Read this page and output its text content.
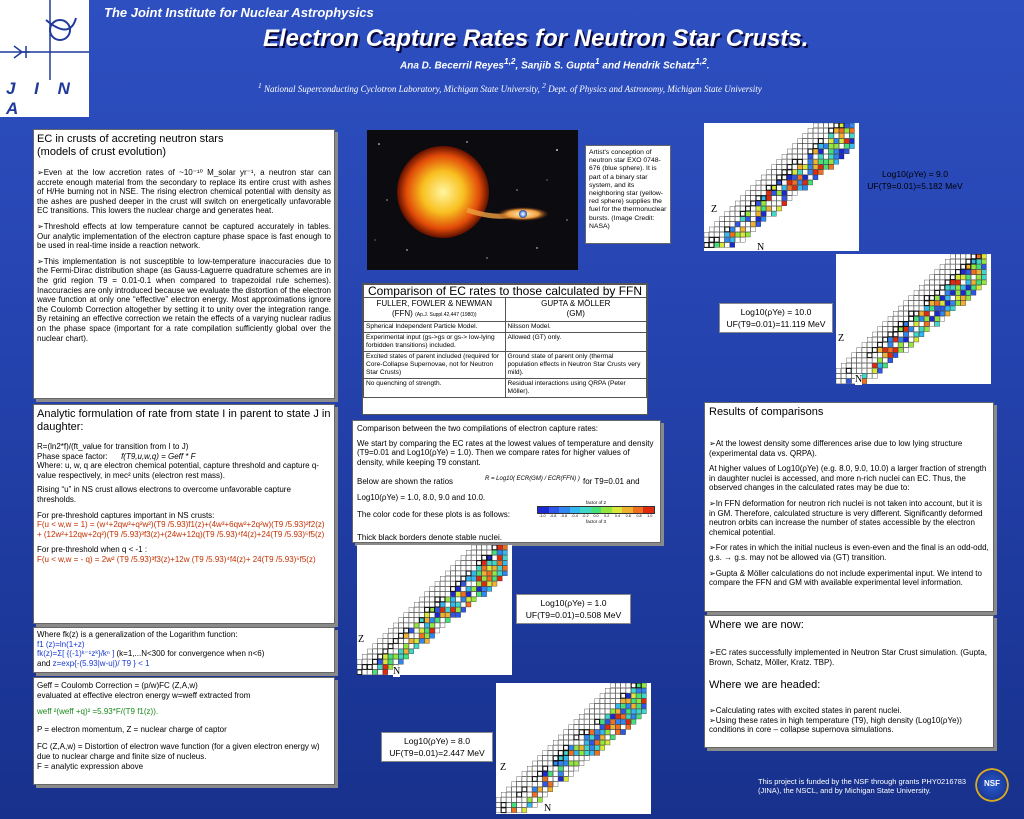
J I N A
The Joint Institute for Nuclear Astrophysics
Electron Capture Rates for Neutron Star Crusts.
Ana D. Becerril Reyes$^{1,2}$, Sanjib S. Gupta$^1$ and Hendrik Schatz$^{1,2}$.
$^1$ National Superconducting Cyclotron Laboratory, Michigan State University, $^2$ Dept. of Physics and Astronomy, Michigan State University
EC in crusts of accreting neutron stars
(models of crust evolution)

➢Even at the low accretion rates of ~10⁻¹⁰ M_solar yr⁻¹, a neutron star can accrete enough material from the secondary to replace its entire crust with ashes of H/He burning not in NSE. The rising electron chemical potential with density as the ashes are pushed deeper in the crust will switch on energetically unfavorable EC transitions. This lowers the nuclear charge and generates heat.

➢Threshold effects at low temperature cannot be captured accurately in tables. Our analytic implementation of the electron capture phase space is fast enough to be used in real-time inside a reaction network.

➢This implementation is not susceptible to low-temperature inaccuracies due to the Fermi-Dirac distribution shape (as Gauss-Laguerre quadrature schemes are in the grid region T9 = 0.01-0.1 when compared to trapezoidal rule schemes). Inaccuracies are only introduced because we evaluate the distortion of the electron wave function at only one “effective” electron energy. Most approximations ignore the Coulomb Correction altogether by setting it to unity over the integration range. By retaining an effective correction we retain the effects of a varying nuclear radius on the phase space (important for a rate compilation sufficiently global over the nuclear chart).

Analytic formulation of rate from state I in parent to state J in daughter:
R=(ln2*f)/(ft_value for transition from I to J)
Phase space factor: f(T9,u,w,q) = Geff * F
Where: u, w, q are electron chemical potential, capture threshold and capture q-value respectively, in mec² units (electron rest mass).
Rising “u” in NS crust allows electrons to overcome unfavorable capture thresholds.
For pre-threshold captures important in NS crusts:
F(u < w,w = 1) = (w⁴+2qw³+q²w²)(T9 /5.93)f1(z)+(4w³+6qw²+2q²w)(T9 /5.93)²f2(z) + (12w²+12qw+2q²)(T9 /5.93)³f3(z)+(24w+12q)(T9 /5.93)⁴f4(z)+24(T9 /5.93)⁵f5(z)
For pre-threshold when q < -1 :
F(u < w,w = - q) = 2w² (T9 /5.93)³f3(z)+12w (T9 /5.93)⁴f4(z)+ 24(T9 /5.93)⁵f5(z)
Where fk(z) is a generalization of the Logarithm function:
f1 (z)=ln(1+z)
fk(z)=Σ[ {(-1)ᵏ⁻¹zᵏ}/kⁿ ] (k=1,...N<300 for convergence when n<6)
and z=exp{-(5.93|w-u|)/ T9 } < 1
Geff = Coulomb Correction = (p/w)FC (Z,A,w)
evaluated at effective electron energy w=weff extracted from
weff ²(weff +q)² =5.93*F/(T9 f1(z)).
P = electron momentum, Z = nuclear charge of captor
FC (Z,A,w) = Distortion of electron wave function (for a given electron energy w) due to nuclear charge and finite size of nucleus.
F = analytic expression above
Artist's conception of neutron star EXO 0748-676 (blue sphere). It is part of a binary star system, and its neighboring star (yellow-red sphere) supplies the fuel for the thermonuclear bursts. (Image Credit: NASA)
Comparison of EC rates to those calculated by FFN	
FULLER, FOWLER & NEWMAN
(FFN) (Ap.J. Suppl.42,447 (1980))	GUPTA & MÖLLER
(GM)
Spherical Independent Particle Model.	Nilsson Model.
Experimental input (gs->gs or gs-> low-lying forbidden transitions) included.	Allowed (GT) only.
Excited states of parent included (required for Core-Collapse Supernovae, not for Neutron Star Crusts)	Ground state of parent only (thermal population effects in Neutron Star Crusts very mild).
No quenching of strength.	Residual interactions using QRPA (Peter Möller).
Comparison between the two compilations of electron capture rates:
We start by comparing the EC rates at the lowest values of temperature and density (T9=0.01 and Log10(ρYe) = 1.0). Then we compare rates for higher values of density, while keeping T9 constant.
Below are shown the ratios	R = Log10( ECR(GM) / ECR(FFN) ) for T9=0.01 and
Log10(ρYe) = 1.0, 8.0, 9.0 and 10.0.
The color code for these plots is as follows:
factor of 2
-1.0	-0.8	-0.6	-0.4	-0.2	0.0	0.2	0.4	0.6	0.8	1.0
factor of 3
Thick black borders denote stable nuclei.
Log10(ρYe) = 9.0
UF(T9=0.01)=5.182 MeV
Z
N
Log10(ρYe) = 10.0
UF(T9=0.01)=11.119 MeV
Z
N
Log10(ρYe) = 1.0
UF(T9=0.01)=0.508 MeV
Z
N
Log10(ρYe) = 8.0
UF(T9=0.01)=2.447 MeV
Z
N
Results of comparisons

➢At the lowest density some differences arise due to low lying structure (experimental data vs. QRPA).

At higher values of Log10(ρYe) (e.g. 8.0, 9.0, 10.0) a larger fraction of strength in daughter nuclei is accessed, and more n-rich nuclei can EC. Thus, the observed changes in the calculated rates may be due to:

➢In FFN deformation for neutron rich nuclei is not taken into account, but it is in GM. Therefore, calculated structure is very different. Significantly deformed neutron orbits can increase the number of states accessible by the electron chemical potential.

➢For rates in which the initial nucleus is even-even and the final is an odd-odd, g.s. → g.s. may not be allowed via (GT) transition.

➢Gupta & Möller calculations do not include experimental input. We intend to compare the FFN and GM with available experimental level information.

Where we are now:
➢EC rates successfully implemented in Neutron Star Crust simulation. (Gupta, Brown, Schatz, Möller, Kratz. TBP).
Where we are headed:
➢Calculating rates with excited states in parent nuclei.
➢Using these rates in high temperature (T9), high density (Log10(ρYe)) conditions in core – collapse supernova simulations.
This project is funded by the NSF through grants PHY0216783 (JINA), the NSCL, and by Michigan State University.
NSF
